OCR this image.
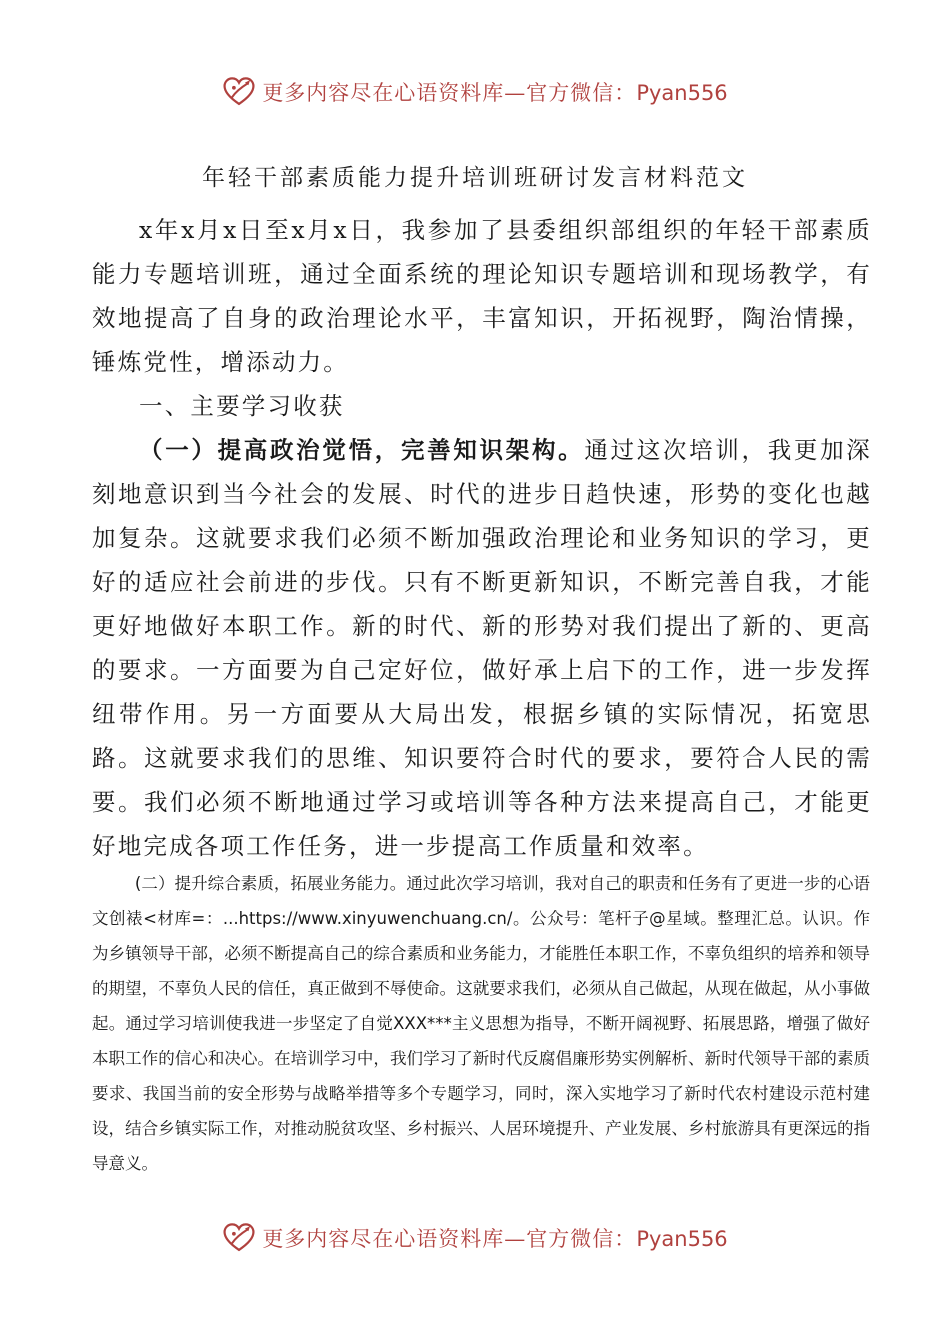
更多内容尽在心语资料库—官方微信：Pyan556
年轻干部素质能力提升培训班研讨发言材料范文

x年x月x日至x月x日，我参加了县委组织部组织的年轻干部素质能力专题培训班，通过全面系统的理论知识专题培训和现场教学，有效地提高了自身的政治理论水平，丰富知识，开拓视野，陶治情操，锤炼党性，增添动力。

一、主要学习收获

（一）提高政治觉悟，完善知识架构。通过这次培训，我更加深刻地意识到当今社会的发展、时代的进步日趋快速，形势的变化也越加复杂。这就要求我们必须不断加强政治理论和业务知识的学习，更好的适应社会前进的步伐。只有不断更新知识，不断完善自我，才能更好地做好本职工作。新的时代、新的形势对我们提出了新的、更高的要求。一方面要为自己定好位，做好承上启下的工作，进一步发挥纽带作用。另一方面要从大局出发，根据乡镇的实际情况，拓宽思路。这就要求我们的思维、知识要符合时代的要求，要符合人民的需要。我们必须不断地通过学习或培训等各种方法来提高自己，才能更好地完成各项工作任务，进一步提高工作质量和效率。

(二）提升综合素质，拓展业务能力。通过此次学习培训，我对自己的职责和任务有了更进一步的心语文创裱<材库=：...https://www.xinyuwenchuang.cn/。公众号：笔杆子@星域。整理汇总。认识。作为乡镇领导干部，必须不断提高自己的综合素质和业务能力，才能胜任本职工作，不辜负组织的培养和领导的期望，不辜负人民的信任，真正做到不辱使命。这就要求我们，必须从自己做起，从现在做起，从小事做起。通过学习培训使我进一步坚定了自觉XXX***主义思想为指导，不断开阔视野、拓展思路，增强了做好本职工作的信心和决心。在培训学习中，我们学习了新时代反腐倡廉形势实例解析、新时代领导干部的素质要求、我国当前的安全形势与战略举措等多个专题学习，同时，深入实地学习了新时代农村建设示范村建设，结合乡镇实际工作，对推动脱贫攻坚、乡村振兴、人居环境提升、产业发展、乡村旅游具有更深远的指导意义。

更多内容尽在心语资料库—官方微信：Pyan556
